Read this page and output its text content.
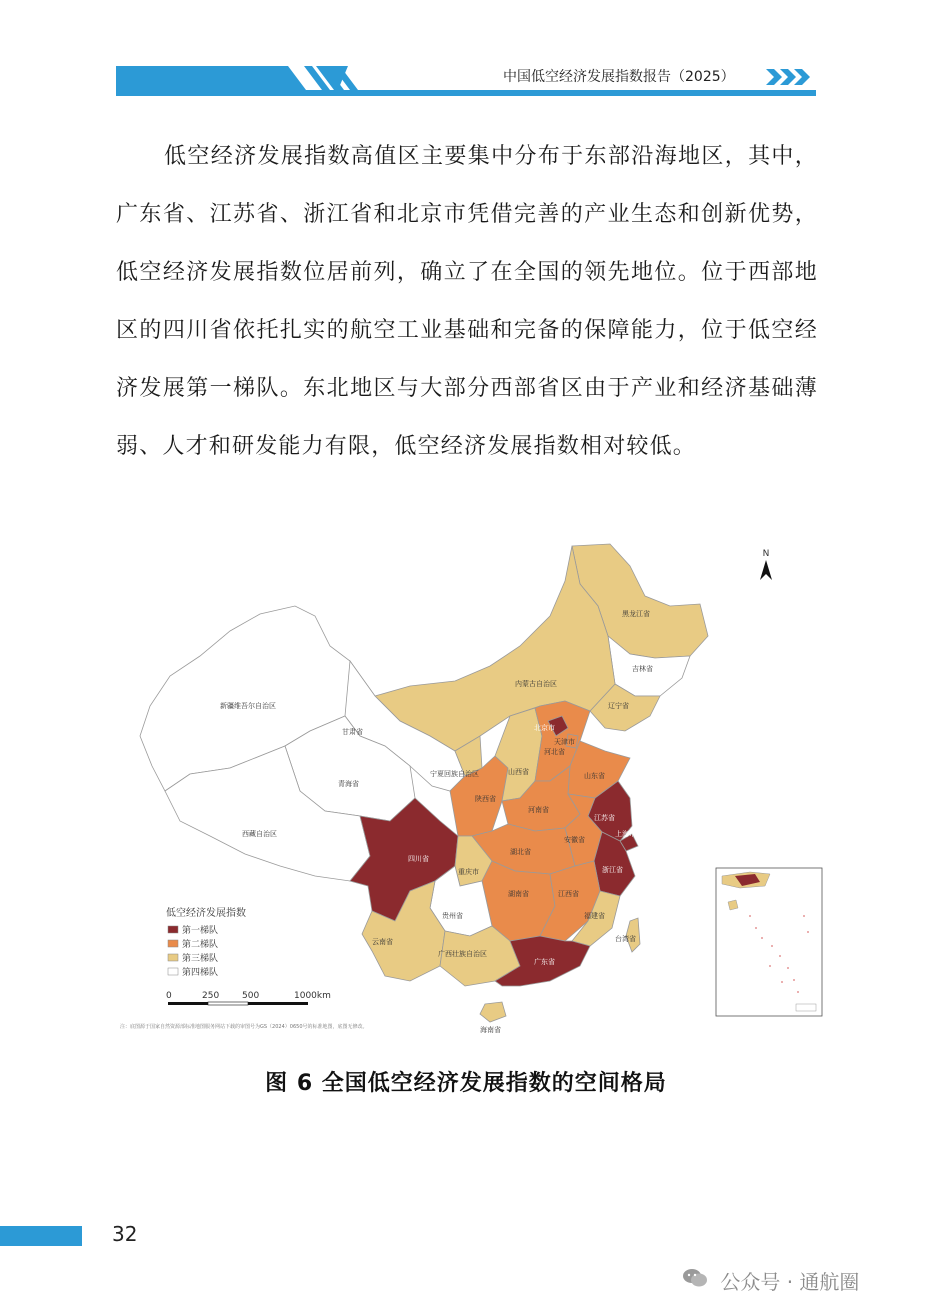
中国低空经济发展指数报告（2025）

低空经济发展指数高值区主要集中分布于东部沿海地区，其中，广东省、江苏省、浙江省和北京市凭借完善的产业生态和创新优势，低空经济发展指数位居前列，确立了在全国的领先地位。位于西部地区的四川省依托扎实的航空工业基础和完备的保障能力，位于低空经济发展第一梯队。东北地区与大部分西部省区由于产业和经济基础薄弱、人才和研发能力有限，低空经济发展指数相对较低。

黑龙江省
吉林省
辽宁省
内蒙古自治区
新疆维吾尔自治区
甘肃省
宁夏回族自治区
青海省
西藏自治区
四川省
陕西省
山西省
河北省
北京市
天津市
山东省
河南省
江苏省
安徽省
上海市
湖北省
浙江省
重庆市
湖南省	江西省
福建省
贵州省
云南省
广西壮族自治区
广东省
海南省
台湾省
N
低空经济发展指数
第一梯队
第二梯队
第三梯队
第四梯队
0	250	500	1000km
注：底图源于国家自然资源部标准地图服务网站下载的审图号为GS（2024）0650号的标准地图，底图无修改。
图 6 全国低空经济发展指数的空间格局
32
公众号 · 通航圈
